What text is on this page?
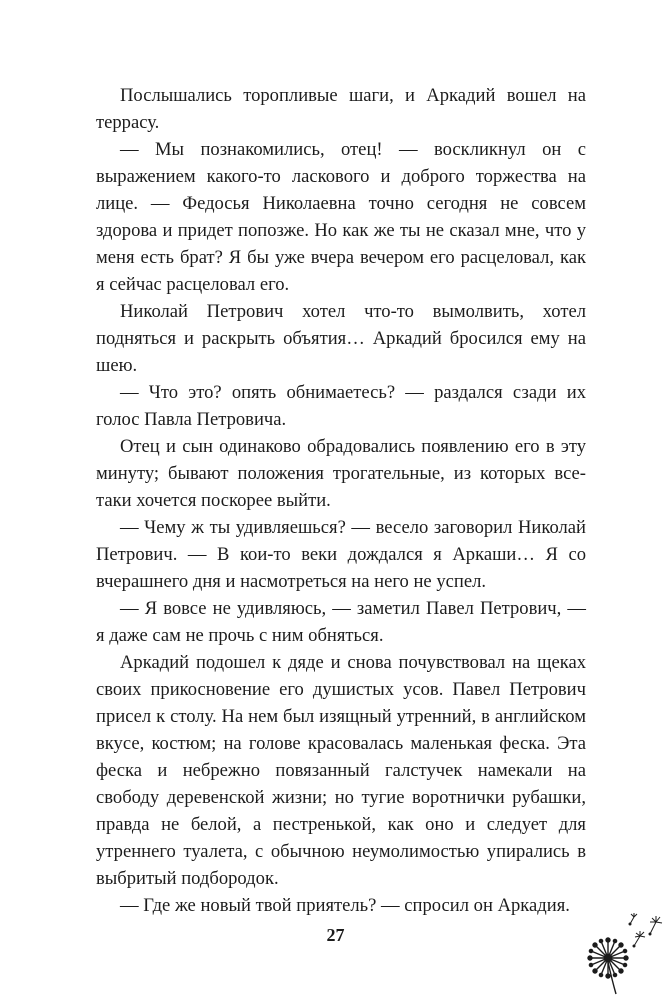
Послышались торопливые шаги, и Аркадий вошел на террасу.

— Мы познакомились, отец! — воскликнул он с выражением какого-то ласкового и доброго торжества на лице. — Федосья Николаевна точно сегодня не совсем здорова и придет попозже. Но как же ты не сказал мне, что у меня есть брат? Я бы уже вчера вечером его расцеловал, как я сейчас расцеловал его.

Николай Петрович хотел что-то вымолвить, хотел подняться и раскрыть объятия… Аркадий бросился ему на шею.

— Что это? опять обнимаетесь? — раздался сзади их голос Павла Петровича.

Отец и сын одинаково обрадовались появлению его в эту минуту; бывают положения трогательные, из которых все-таки хочется поскорее выйти.

— Чему ж ты удивляешься? — весело заговорил Николай Петрович. — В кои-то веки дождался я Аркаши… Я со вчерашнего дня и насмотреться на него не успел.

— Я вовсе не удивляюсь, — заметил Павел Петрович, — я даже сам не прочь с ним обняться.

Аркадий подошел к дяде и снова почувствовал на щеках своих прикосновение его душистых усов. Павел Петрович присел к столу. На нем был изящный утренний, в английском вкусе, костюм; на голове красовалась маленькая феска. Эта феска и небрежно повязанный галстучек намекали на свободу деревенской жизни; но тугие воротнички рубашки, правда не белой, а пестренькой, как оно и следует для утреннего туалета, с обычною неумолимостью упирались в выбритый подбородок.

— Где же новый твой приятель? — спросил он Аркадия.

27
